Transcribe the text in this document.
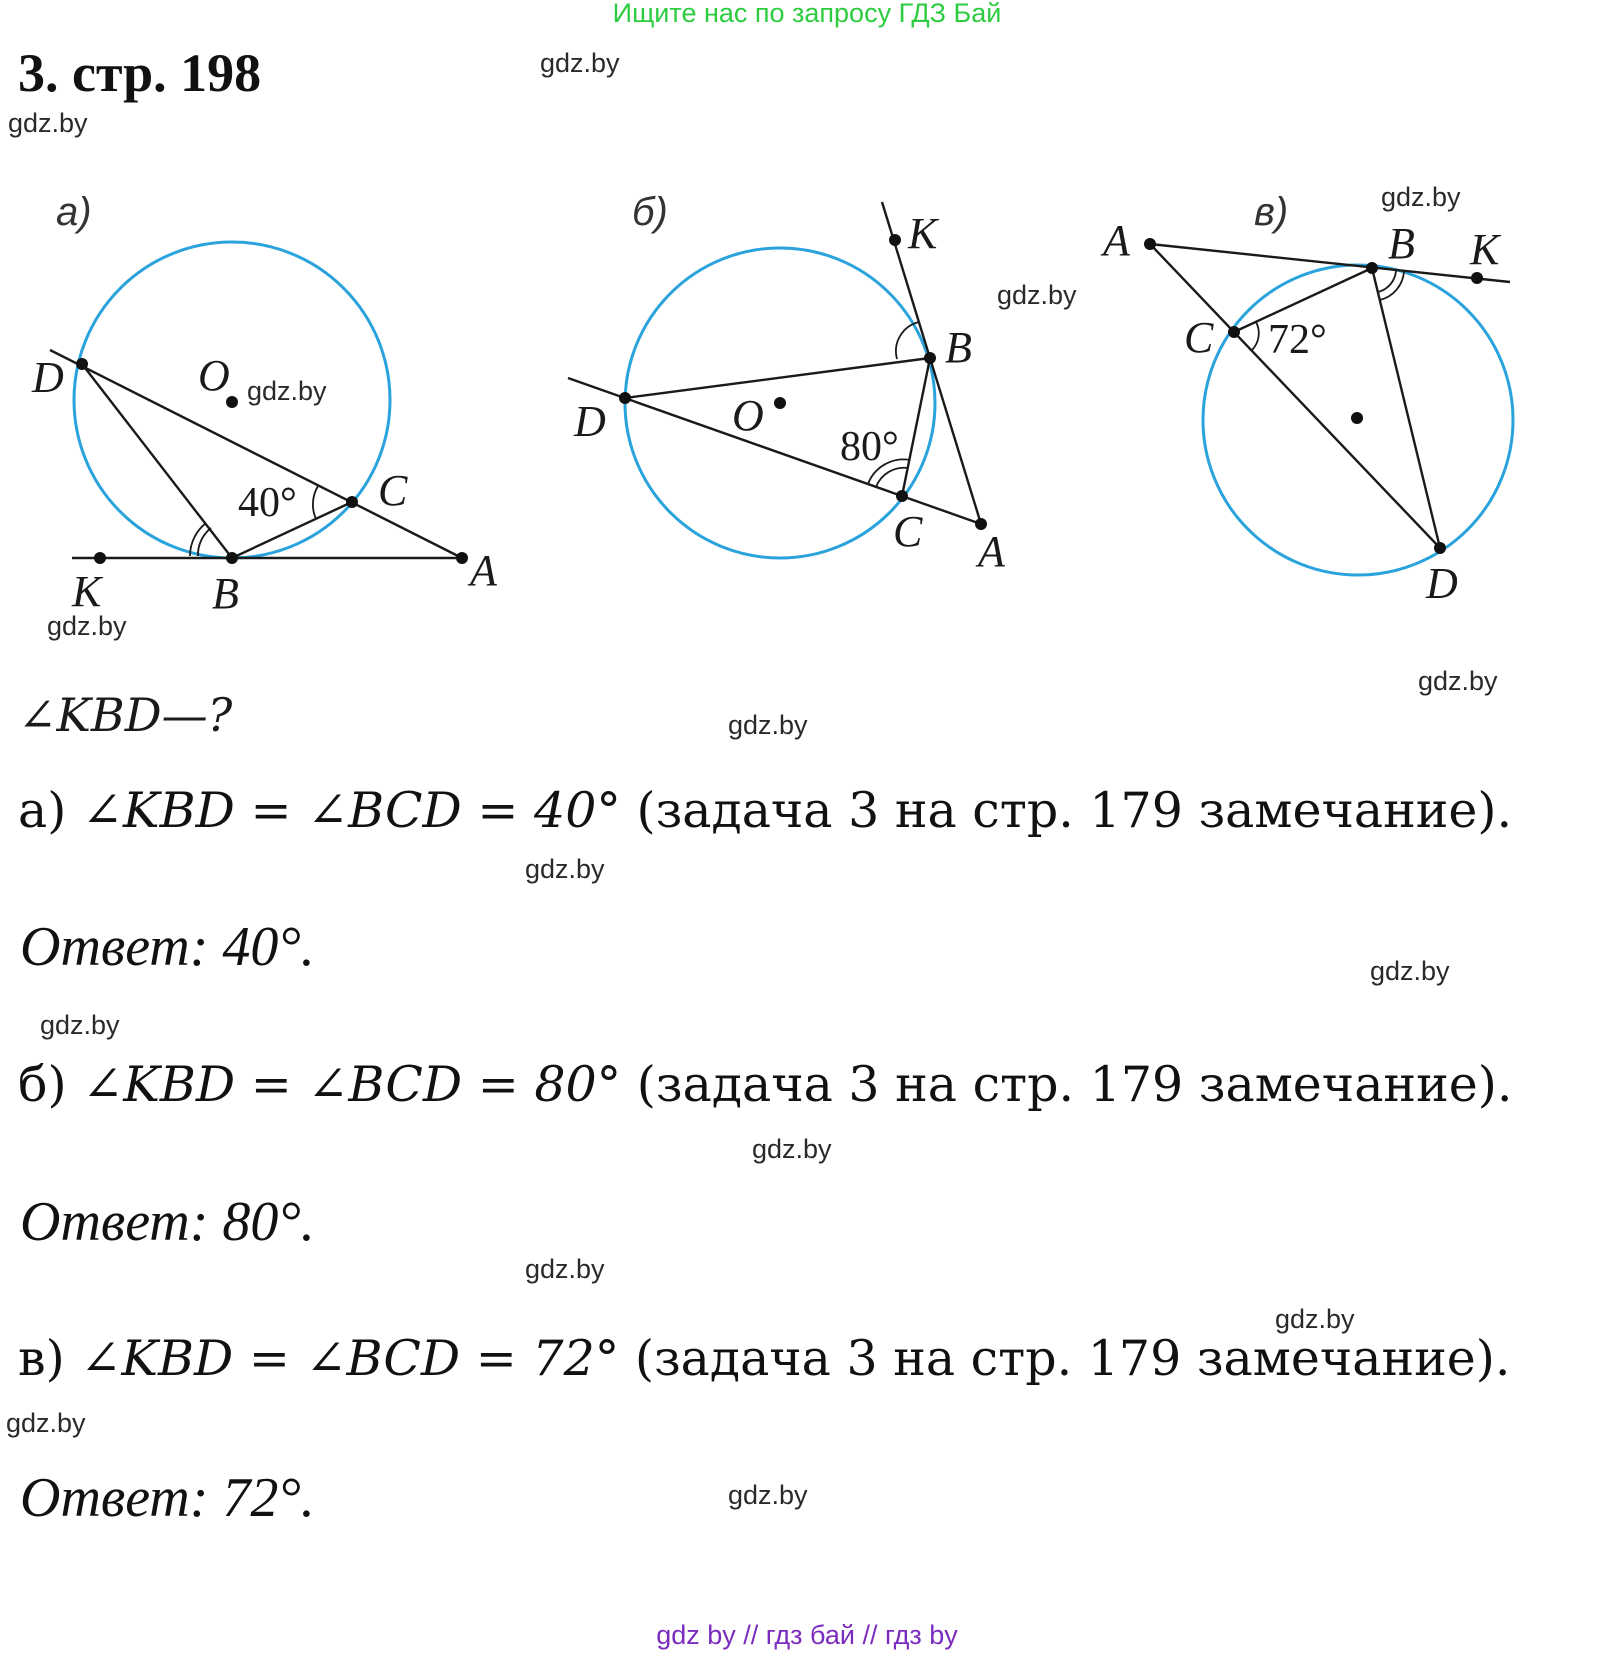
Ищите нас по запросу ГДЗ Бай
3. стр. 198	gdz.by
gdz.by
gdz.by
gdz.by
gdz.by
gdz.by
gdz.by
gdz.by
gdz.by
gdz.by
gdz.by
gdz.by
а)
D	O
C
K	B	A
40°
gdz.by
gdz.by
б)	K
B
D	O
C A
80°
gdz.by
в)
A	B K
C
D
72°
gdz.by
∠KBD—?
а) ∠KBD = ∠BCD = 40° (задача 3 на стр. 179 замечание).
Ответ: 40°.
б) ∠KBD = ∠BCD = 80° (задача 3 на стр. 179 замечание).
Ответ: 80°.
в) ∠KBD = ∠BCD = 72° (задача 3 на стр. 179 замечание).
Ответ: 72°.
gdz by // гдз бай // гдз by
